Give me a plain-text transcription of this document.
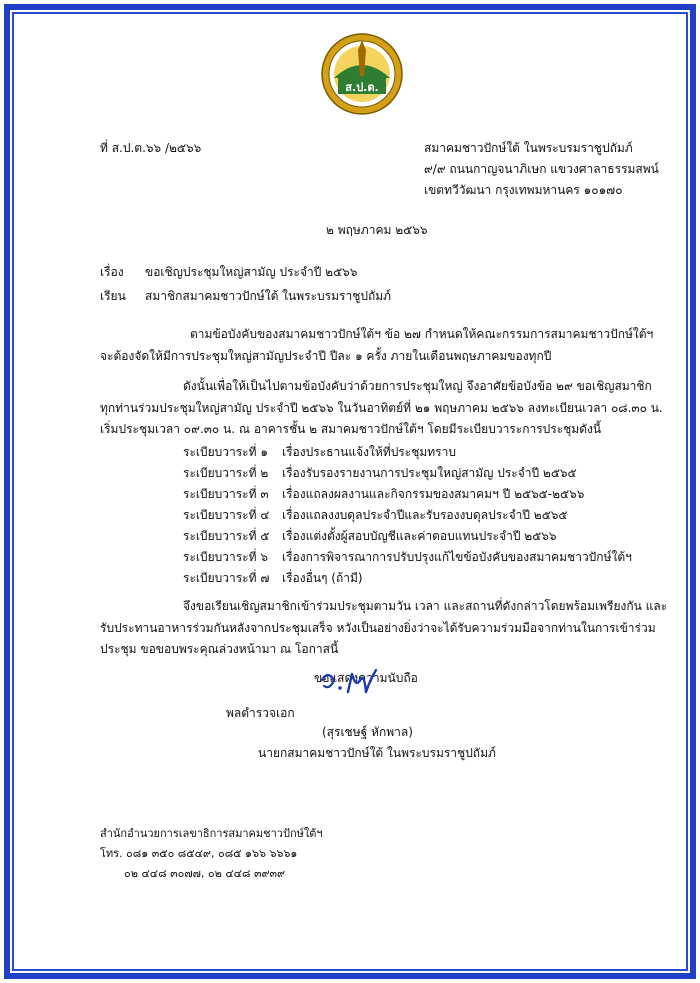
ส.ป.ต.
ที่ ส.ป.ต.๖๖ /๒๕๖๖	สมาคมชาวปักษ์ใต้ ในพระบรมราชูปถัมภ์
๙/๙ ถนนกาญจนาภิเษก แขวงศาลาธรรมสพน์
เขตทวีวัฒนา กรุงเทพมหานคร ๑๐๑๗๐
๒ พฤษภาคม ๒๕๖๖
เรื่อง ขอเชิญประชุมใหญ่สามัญ ประจำปี ๒๕๖๖
เรียน สมาชิกสมาคมชาวปักษ์ใต้ ในพระบรมราชูปถัมภ์
ตามข้อบังคับของสมาคมชาวปักษ์ใต้ฯ ข้อ ๒๗ กำหนดให้คณะกรรมการสมาคมชาวปักษ์ใต้ฯ
จะต้องจัดให้มีการประชุมใหญ่สามัญประจำปี ปีละ ๑ ครั้ง ภายในเดือนพฤษภาคมของทุกปี
ดังนั้นเพื่อให้เป็นไปตามข้อบังคับว่าด้วยการประชุมใหญ่ จึงอาศัยข้อบังข้อ ๒๙ ขอเชิญสมาชิก
ทุกท่านร่วมประชุมใหญ่สามัญ ประจำปี ๒๕๖๖ ในวันอาทิตย์ที่ ๒๑ พฤษภาคม ๒๕๖๖ ลงทะเบียนเวลา ๐๘.๓๐ น.
เริ่มประชุมเวลา ๐๙.๓๐ น. ณ อาคารชั้น ๒ สมาคมชาวปักษ์ใต้ฯ โดยมีระเบียบวาระการประชุมดังนี้
ระเบียบวาระที่ ๑ เรื่องประธานแจ้งให้ที่ประชุมทราบ
ระเบียบวาระที่ ๒ เรื่องรับรองรายงานการประชุมใหญ่สามัญ ประจำปี ๒๕๖๕
ระเบียบวาระที่ ๓ เรื่องแถลงผลงานและกิจกรรมของสมาคมฯ ปี ๒๕๖๕-๒๕๖๖
ระเบียบวาระที่ ๔ เรื่องแถลงงบดุลประจำปีและรับรองงบดุลประจำปี ๒๕๖๕
ระเบียบวาระที่ ๕ เรื่องแต่งตั้งผู้สอบบัญชีและค่าตอบแทนประจำปี ๒๕๖๖
ระเบียบวาระที่ ๖ เรื่องการพิจารณาการปรับปรุงแก้ไขข้อบังคับของสมาคมชาวปักษ์ใต้ฯ
ระเบียบวาระที่ ๗ เรื่องอื่นๆ (ถ้ามี)
จึงขอเรียนเชิญสมาชิกเข้าร่วมประชุมตามวัน เวลา และสถานที่ดังกล่าวโดยพร้อมเพรียงกัน และ
รับประทานอาหารร่วมกันหลังจากประชุมเสร็จ หวังเป็นอย่างยิ่งว่าจะได้รับความร่วมมือจากท่านในการเข้าร่วม
ประชุม ขอขอบพระคุณล่วงหน้ามา ณ โอกาสนี้
ขอแสดงความนับถือ
พลตำรวจเอก
(สุรเชษฐ์ หักพาล)
นายกสมาคมชาวปักษ์ใต้ ในพระบรมราชูปถัมภ์
สำนักอำนวยการเลขาธิการสมาคมชาวปักษ์ใต้ฯ
โทร. ๐๘๑ ๓๕๐ ๘๕๔๙, ๐๘๕ ๑๖๖ ๖๖๖๑
๐๒ ๔๔๘ ๓๐๗๗, ๐๒ ๔๔๘ ๓๙๓๙
